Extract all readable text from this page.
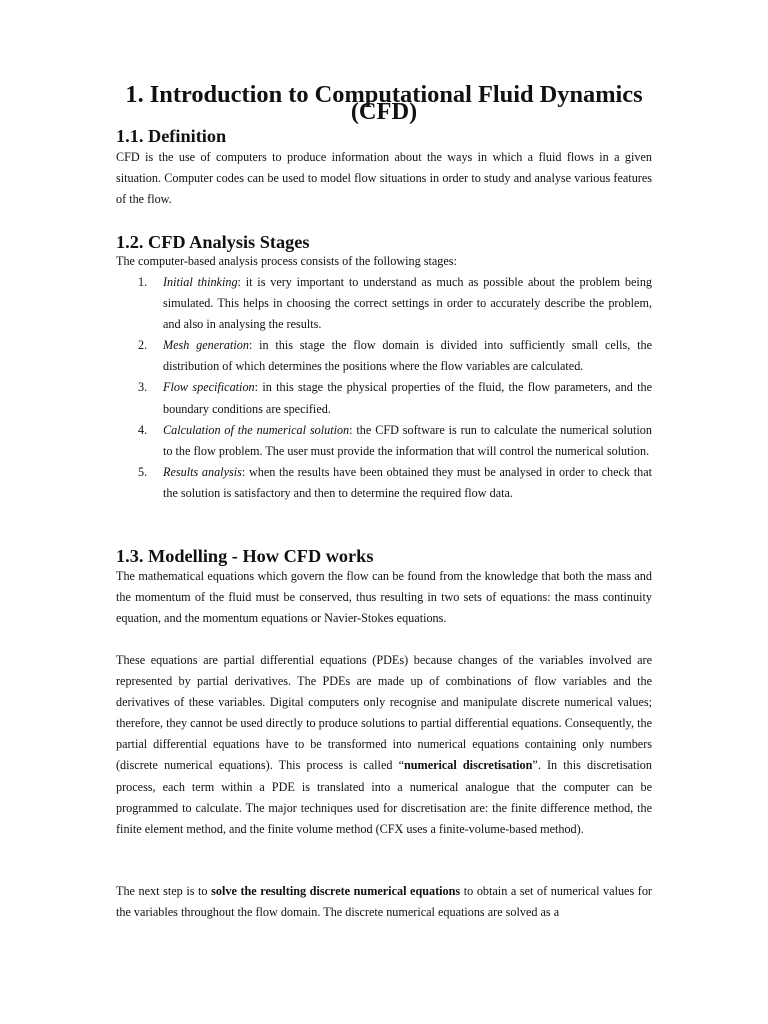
1. Introduction to Computational Fluid Dynamics (CFD)
1.1. Definition

CFD is the use of computers to produce information about the ways in which a fluid flows in a given situation. Computer codes can be used to model flow situations in order to study and analyse various features of the flow.

1.2. CFD Analysis Stages

The computer-based analysis process consists of the following stages:

1. Initial thinking: it is very important to understand as much as possible about the problem being simulated. This helps in choosing the correct settings in order to accurately describe the problem, and also in analysing the results.
2. Mesh generation: in this stage the flow domain is divided into sufficiently small cells, the distribution of which determines the positions where the flow variables are calculated.
3. Flow specification: in this stage the physical properties of the fluid, the flow parameters, and the boundary conditions are specified.
4. Calculation of the numerical solution: the CFD software is run to calculate the numerical solution to the flow problem. The user must provide the information that will control the numerical solution.
5. Results analysis: when the results have been obtained they must be analysed in order to check that the solution is satisfactory and then to determine the required flow data.
1.3. Modelling - How CFD works

The mathematical equations which govern the flow can be found from the knowledge that both the mass and the momentum of the fluid must be conserved, thus resulting in two sets of equations: the mass continuity equation, and the momentum equations or Navier-Stokes equations.

These equations are partial differential equations (PDEs) because changes of the variables involved are represented by partial derivatives. The PDEs are made up of combinations of flow variables and the derivatives of these variables. Digital computers only recognise and manipulate discrete numerical values; therefore, they cannot be used directly to produce solutions to partial differential equations. Consequently, the partial differential equations have to be transformed into numerical equations containing only numbers (discrete numerical equations). This process is called “numerical discretisation”. In this discretisation process, each term within a PDE is translated into a numerical analogue that the computer can be programmed to calculate. The major techniques used for discretisation are: the finite difference method, the finite element method, and the finite volume method (CFX uses a finite-volume-based method).

The next step is to solve the resulting discrete numerical equations to obtain a set of numerical values for the variables throughout the flow domain. The discrete numerical equations are solved as a
